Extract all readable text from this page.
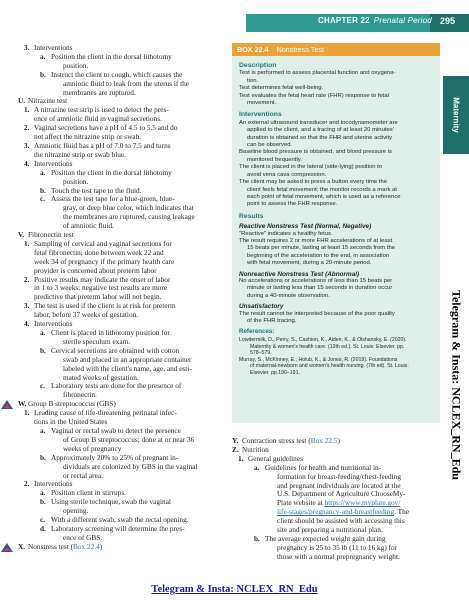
CHAPTER 22 Prenatal Period 295
Maternity
Telegram & Insta: NCLEX_RN_Edu
3. Interventions
a. Position the client in the dorsal lithotomy
position.
b. Instruct the client to cough, which causes the
amniotic fluid to leak from the uterus if the
membranes are ruptured.
U. Nitrazine test
1. A nitrazine test strip is used to detect the pres-
ence of amniotic fluid in vaginal secretions.
2. Vaginal secretions have a pH of 4.5 to 5.5 and do
not affect the nitrazine strip or swab.
3. Amniotic fluid has a pH of 7.0 to 7.5 and turns
the nitrazine strip or swab blue.
4. Interventions
a. Position the client in the dorsal lithotomy
position.
b. Touch the test tape to the fluid.
c. Assess the test tape for a blue-green, blue-
gray, or deep blue color, which indicates that
the membranes are ruptured, causing leakage
of amniotic fluid.
V. Fibronectin test
1. Sampling of cervical and vaginal secretions for
fetal fibronectin; done between week 22 and
week 34 of pregnancy if the primary health care
provider is concerned about preterm labor
2. Positive results may indicate the onset of labor
in 1 to 3 weeks; negative test results are more
predictive that preterm labor will not begin.
3. The test is used if the client is at risk for preterm
labor, before 37 weeks of gestation.
4. Interventions
a. Client is placed in lithotomy position for
sterile speculum exam.
b. Cervical secretions are obtained with cotton
swab and placed in an appropriate container
labeled with the client's name, age, and esti-
mated weeks of gestation.
c. Laboratory tests are done for the presence of
fibronectin.
W. Group B streptococcus (GBS)
1. Leading cause of life-threatening perinatal infec-
tions in the United States
a. Vaginal or rectal swab to detect the presence
of Group B streptococcus; done at or near 36
weeks of pregnancy
b. Approximately 20% to 25% of pregnant in-
dividuals are colonized by GBS in the vaginal
or rectal area.
2. Interventions
a. Position client in stirrups.
b. Using sterile technique, swab the vaginal
opening.
c. With a different swab, swab the rectal opening.
d. Laboratory screening will determine the pres-
ence of GBS.
X. Nonstress test (Box 22.4)
BOX 22.4 Nonstress Test
Description
Test is performed to assess placental function and oxygena-
tion.
Test determines fetal well-being.
Test evaluates the fetal heart rate (FHR) response to fetal
movement.
Interventions
An external ultrasound transducer and tocodynamometer are
applied to the client, and a tracing of at least 20 minutes'
duration is obtained so that the FHR and uterine activity
can be observed.
Baseline blood pressure is obtained, and blood pressure is
monitored frequently.
The client is placed in the lateral (side-lying) position to
avoid vena cava compression.
The client may be asked to press a button every time the
client feels fetal movement; the monitor records a mark at
each point of fetal movement, which is used as a reference
point to assess the FHR response.
Results
Reactive Nonstress Test (Normal, Negative)
"Reactive" indicates a healthy fetus.
The result requires 2 or more FHR accelerations of at least
15 beats per minute, lasting at least 15 seconds from the
beginning of the acceleration to the end, in association
with fetal movement, during a 20-minute period.
Nonreactive Nonstress Test (Abnormal)
No accelerations or accelerations of less than 15 beats per
minute or lasting less than 15 seconds in duration occur
during a 40-minute observation.
Unsatisfactory
The result cannot be interpreted because of the poor quality
of the FHR tracing.
References:
Lowdermilk, D., Perry, S., Cashion, K., Alden, K., & Olshansky, E. (2020).
Maternity & women's health care. (12th ed.). St. Louis: Elsevier. pp.
578–579.
Murray, S., McKinney, E., Holub, K., & Jones, R. (2019). Foundations
of maternal-newborn and women's health nursing. (7th ed). St. Louis:
Elsevier. pp.190–191.
Y. Contraction stress test (Box 22.5)
Z. Nutrition
1. General guidelines
a. Guidelines for health and nutritional in-
formation for breast-feeding/chest-feeding
and pregnant individuals are located at the
U.S. Department of Agriculture ChooseMy-
Plate website at https://www.myplate.gov/
life-stages/pregnancy-and-breastfeeding. The
client should be assisted with accessing this
site and preparing a nutritional plan.
b. The average expected weight gain during
pregnancy is 25 to 35 lb (11 to 16 kg) for
those with a normal prepregnancy weight.
Telegram & Insta: NCLEX_RN_Edu
